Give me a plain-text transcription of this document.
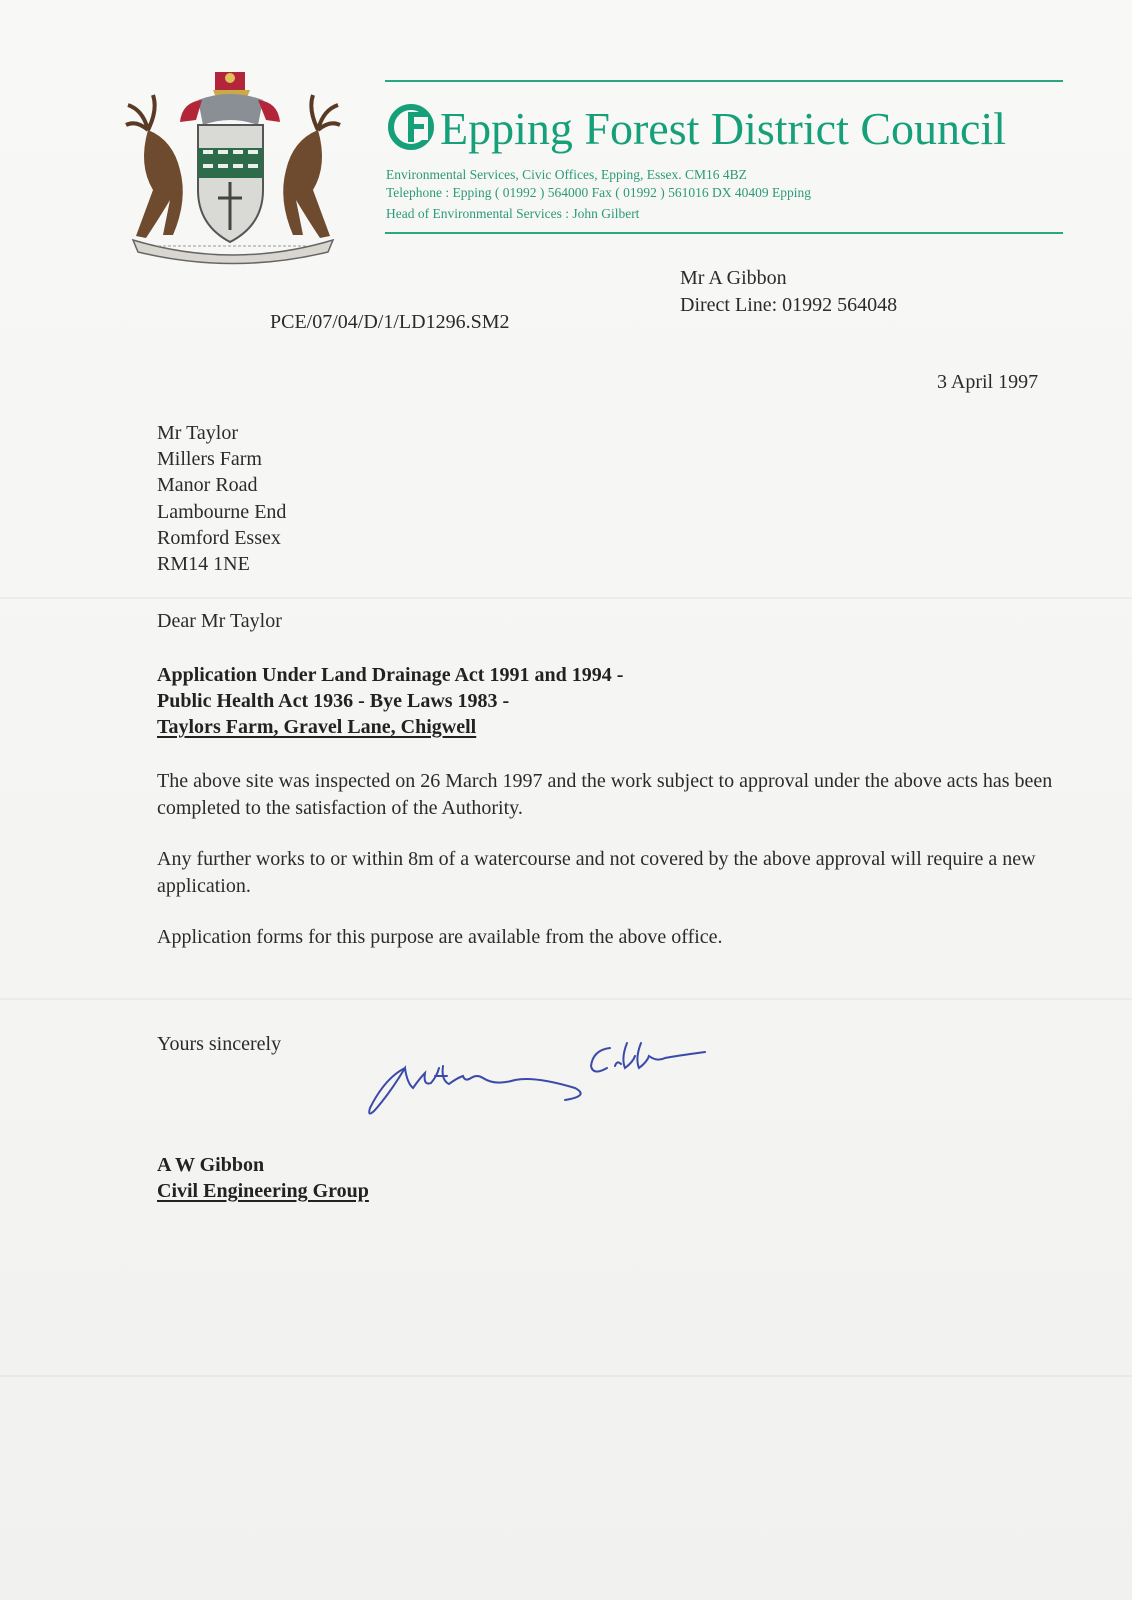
Epping Forest District Council
Environmental Services, Civic Offices, Epping, Essex. CM16 4BZ
Telephone : Epping ( 01992 ) 564000 Fax ( 01992 ) 561016 DX 40409 Epping
Head of Environmental Services : John Gilbert
Mr A Gibbon
Direct Line: 01992 564048
PCE/07/04/D/1/LD1296.SM2
3 April 1997
Mr Taylor
Millers Farm
Manor Road
Lambourne End
Romford Essex
RM14 1NE
Dear Mr Taylor
Application Under Land Drainage Act 1991 and 1994 -
Public Health Act 1936 - Bye Laws 1983 -
Taylors Farm, Gravel Lane, Chigwell
The above site was inspected on 26 March 1997 and the work subject to approval under the above acts has been completed to the satisfaction of the Authority.
Any further works to or within 8m of a watercourse and not covered by the above approval will require a new application.
Application forms for this purpose are available from the above office.
Yours sincerely
A W Gibbon
Civil Engineering Group
